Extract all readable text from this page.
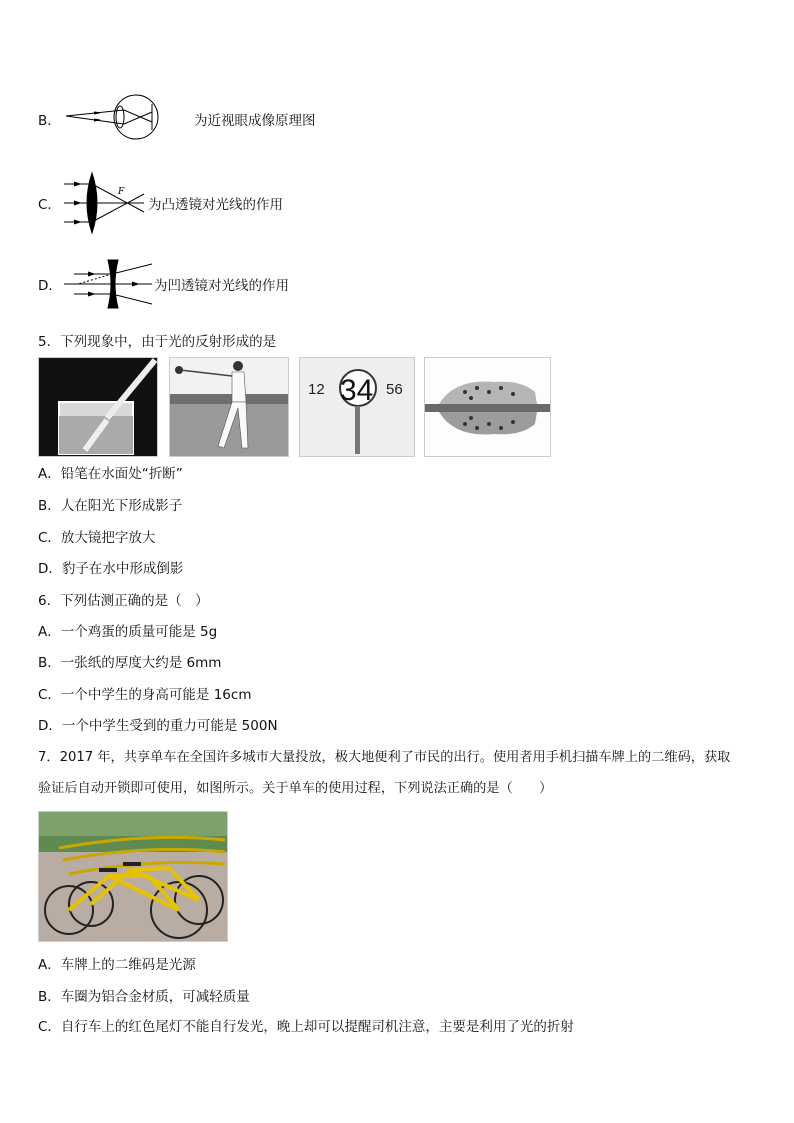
B．	为近视眼成像原理图
C．
F
为凸透镜对光线的作用
D．	为凹透镜对光线的作用
5．下列现象中，由于光的反射形成的是
12 34 56
A．铅笔在水面处“折断”
B．人在阳光下形成影子
C．放大镜把字放大
D．豹子在水中形成倒影
6．下列估测正确的是（　）
A．一个鸡蛋的质量可能是 5g
B．一张纸的厚度大约是 6mm
C．一个中学生的身高可能是 16cm
D．一个中学生受到的重力可能是 500N
7．2017 年，共享单车在全国许多城市大量投放，极大地便利了市民的出行。使用者用手机扫描车牌上的二维码，获取
验证后自动开锁即可使用，如图所示。关于单车的使用过程，下列说法正确的是（　　）
A．车牌上的二维码是光源
B．车圈为铝合金材质，可减轻质量
C．自行车上的红色尾灯不能自行发光，晚上却可以提醒司机注意，主要是利用了光的折射
